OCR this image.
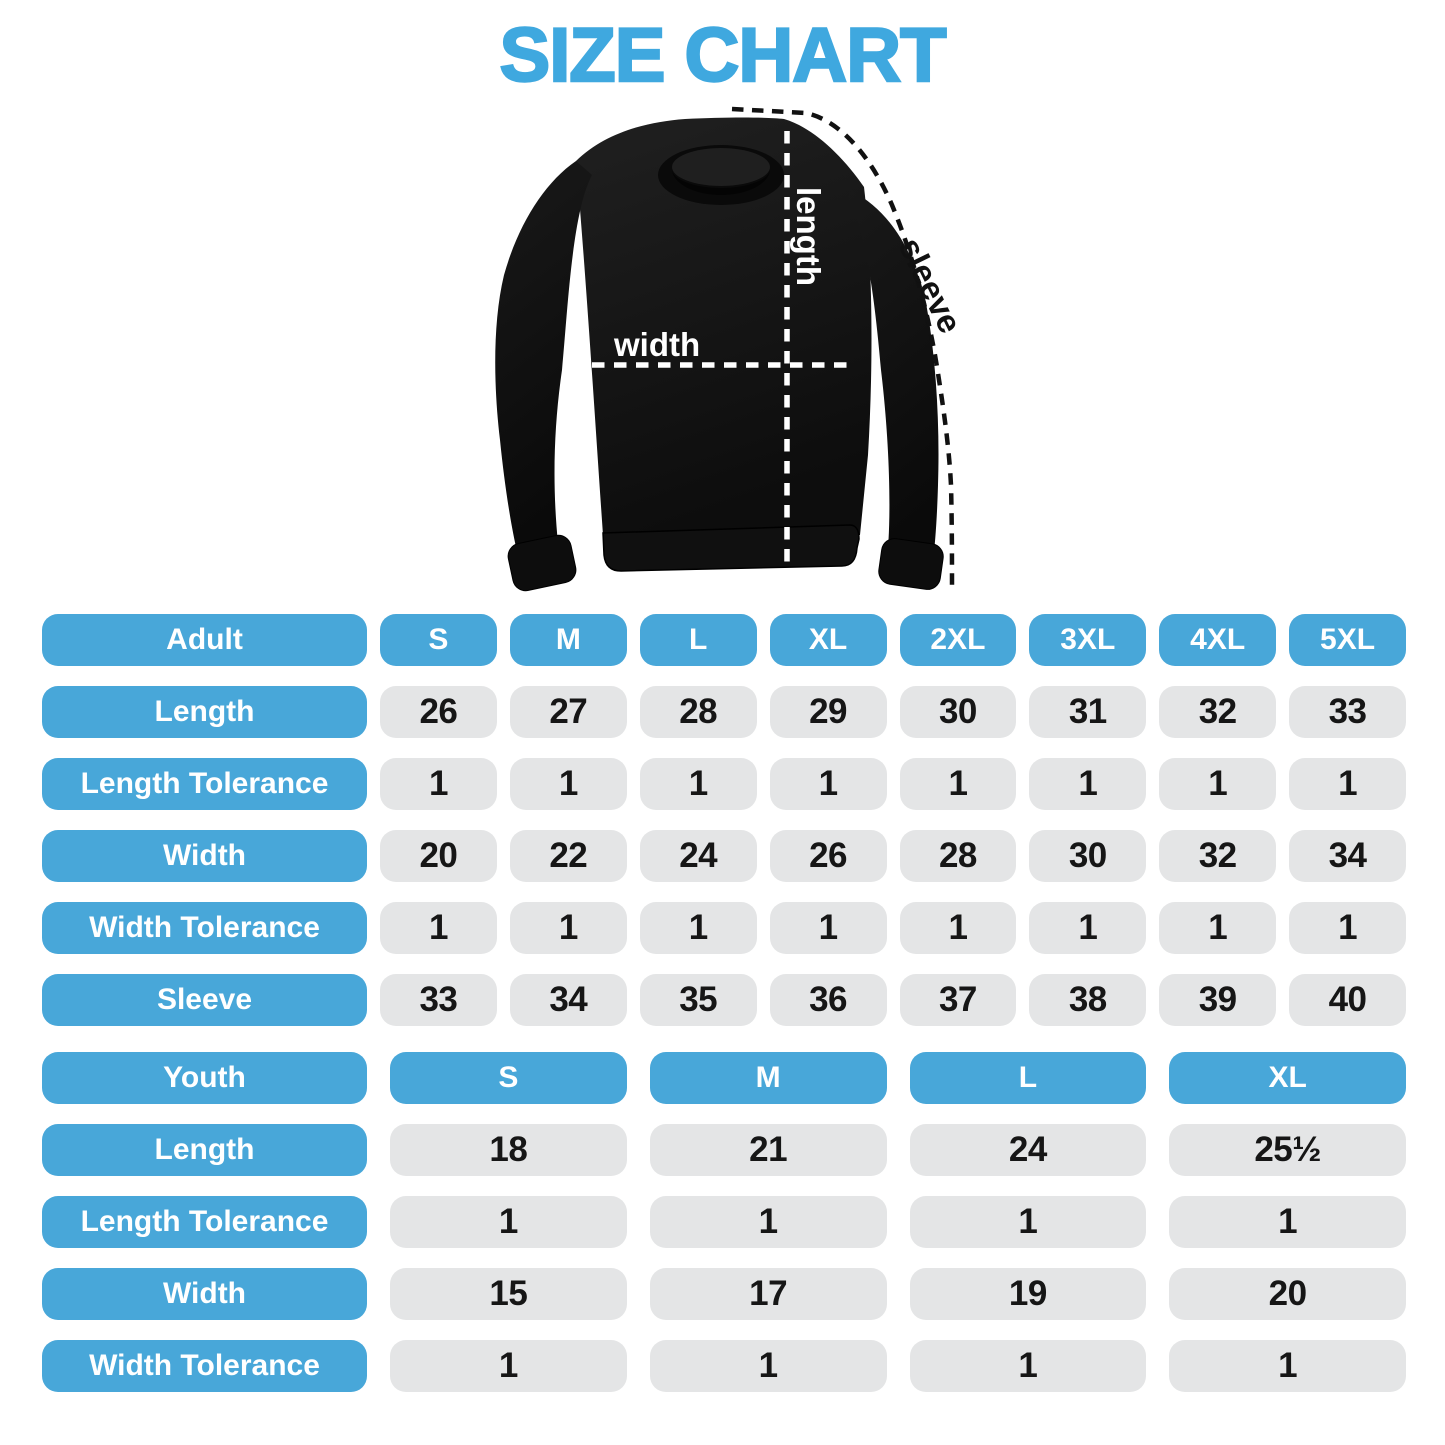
SIZE CHART
width
length sleeve
Adult	S	M	L	XL	2XL	3XL	4XL	5XL
Length	26	27	28	29	30	31	32	33
Length Tolerance	1	1	1	1	1	1	1	1
Width	20	22	24	26	28	30	32	34
Width Tolerance	1	1	1	1	1	1	1	1
Sleeve	33	34	35	36	37	38	39	40
Youth	S	M	L	XL
Length	18	21	24	25½
Length Tolerance	1	1	1	1
Width	15	17	19	20
Width Tolerance	1	1	1	1
